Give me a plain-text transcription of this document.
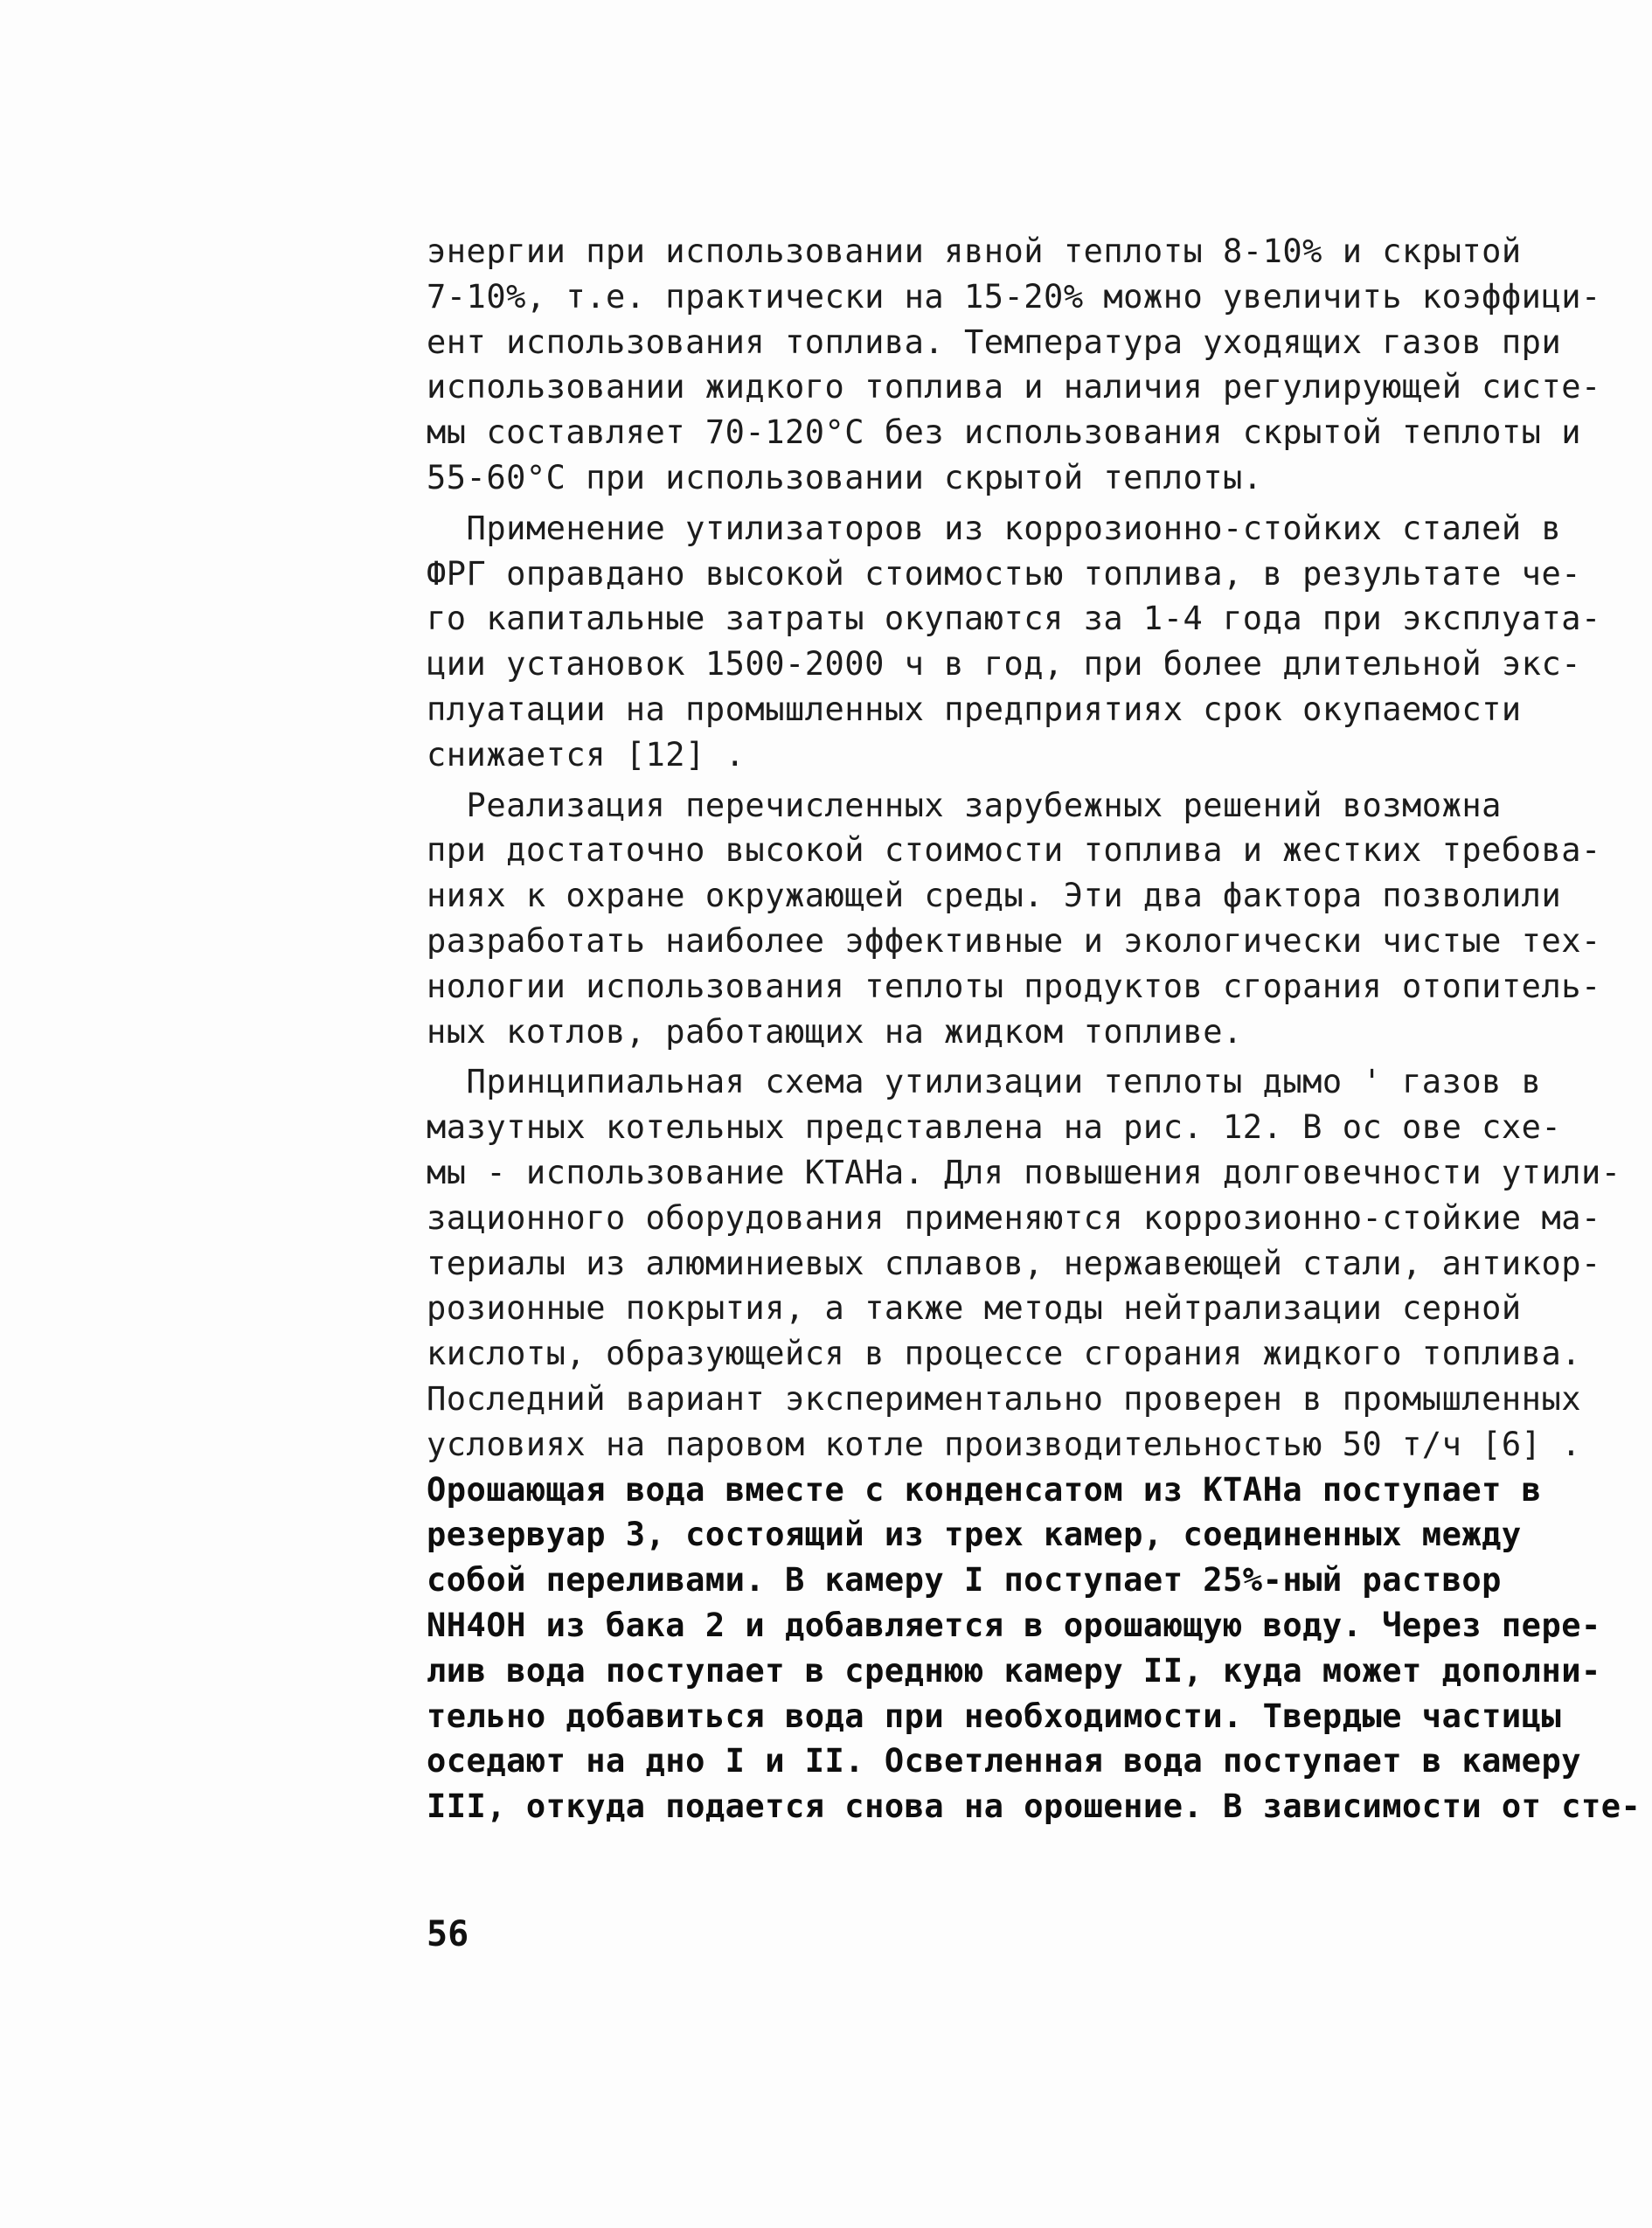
энергии при использовании явной теплоты 8-10% и скрытой
7-10%, т.е. практически на 15-20% можно увеличить коэффици-
ент использования топлива. Температура уходящих газов при
использовании жидкого топлива и наличия регулирующей систе-
мы составляет 70-120°С без использования скрытой теплоты и
55-60°С при использовании скрытой теплоты.
Применение утилизаторов из коррозионно-стойких сталей в
ФРГ оправдано высокой стоимостью топлива, в результате че-
го капитальные затраты окупаются за 1-4 года при эксплуата-
ции установок 1500-2000 ч в год, при более длительной экс-
плуатации на промышленных предприятиях срок окупаемости
снижается [12] .
Реализация перечисленных зарубежных решений возможна
при достаточно высокой стоимости топлива и жестких требова-
ниях к охране окружающей среды. Эти два фактора позволили
разработать наиболее эффективные и экологически чистые тех-
нологии использования теплоты продуктов сгорания отопитель-
ных котлов, работающих на жидком топливе.
Принципиальная схема утилизации теплоты дымо ' газов в
мазутных котельных представлена на рис. 12. В ос ове схе-
мы - использование КТАНа. Для повышения долговечности утили-
зационного оборудования применяются коррозионно-стойкие ма-
териалы из алюминиевых сплавов, нержавеющей стали, антикор-
розионные покрытия, а также методы нейтрализации серной
кислоты, образующейся в процессе сгорания жидкого топлива.
Последний вариант экспериментально проверен в промышленных
условиях на паровом котле производительностью 50 т/ч [6] .
Орошающая вода вместе с конденсатом из КТАНа поступает в
резервуар 3, состоящий из трех камер, соединенных между
собой переливами. В камеру I поступает 25%-ный раствор
NH4OH из бака 2 и добавляется в орошающую воду. Через пере-
лив вода поступает в среднюю камеру II, куда может дополни-
тельно добавиться вода при необходимости. Твердые частицы
оседают на дно I и II. Осветленная вода поступает в камеру
III, откуда подается снова на орошение. В зависимости от сте-
56
